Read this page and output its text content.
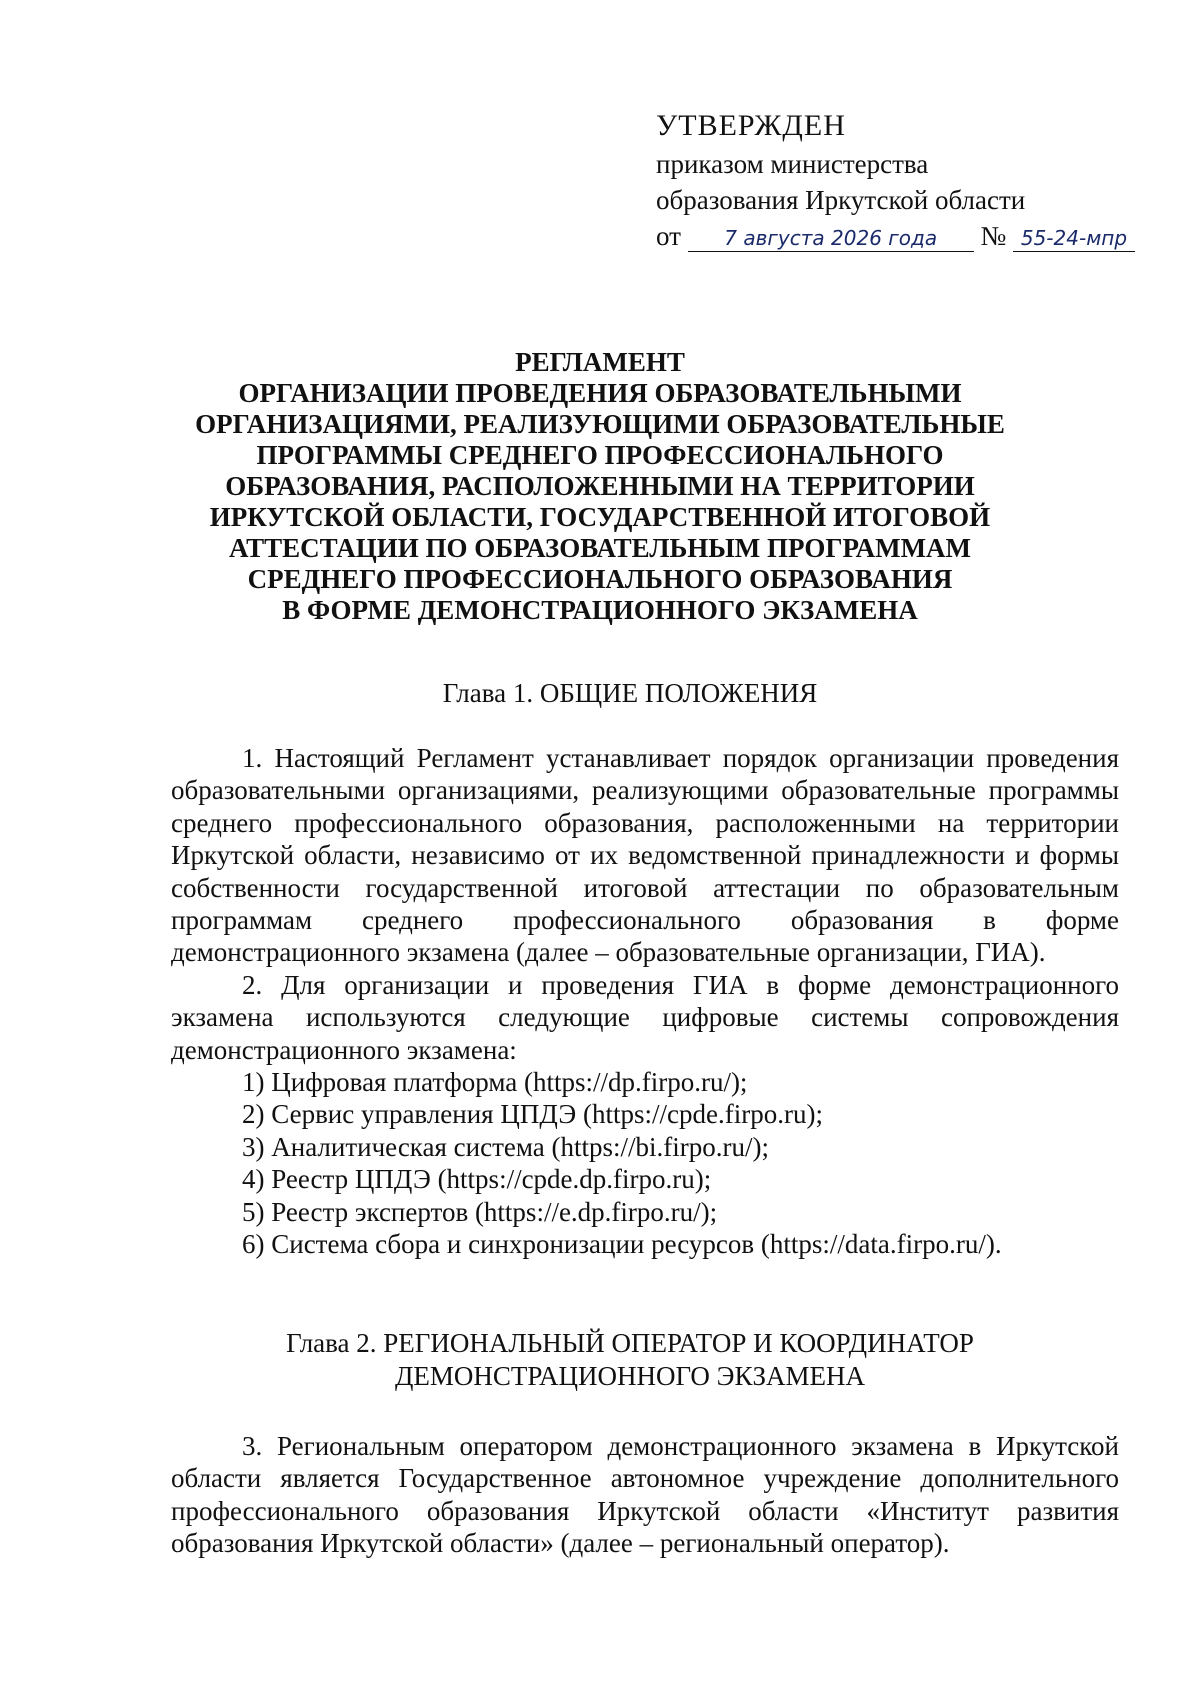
УТВЕРЖДЕН
приказом министерства
образования Иркутской области
от 7 августа 2026 года № 55-24-мпр
РЕГЛАМЕНТ
ОРГАНИЗАЦИИ ПРОВЕДЕНИЯ ОБРАЗОВАТЕЛЬНЫМИ
ОРГАНИЗАЦИЯМИ, РЕАЛИЗУЮЩИМИ ОБРАЗОВАТЕЛЬНЫЕ
ПРОГРАММЫ СРЕДНЕГО ПРОФЕССИОНАЛЬНОГО
ОБРАЗОВАНИЯ, РАСПОЛОЖЕННЫМИ НА ТЕРРИТОРИИ
ИРКУТСКОЙ ОБЛАСТИ, ГОСУДАРСТВЕННОЙ ИТОГОВОЙ
АТТЕСТАЦИИ ПО ОБРАЗОВАТЕЛЬНЫМ ПРОГРАММАМ
СРЕДНЕГО ПРОФЕССИОНАЛЬНОГО ОБРАЗОВАНИЯ
В ФОРМЕ ДЕМОНСТРАЦИОННОГО ЭКЗАМЕНА
Глава 1. ОБЩИЕ ПОЛОЖЕНИЯ

1. Настоящий Регламент устанавливает порядок организации проведения образовательными организациями, реализующими образовательные программы среднего профессионального образования, расположенными на территории Иркутской области, независимо от их ведомственной принадлежности и формы собственности государственной итоговой аттестации по образовательным программам среднего профессионального образования в форме демонстрационного экзамена (далее – образовательные организации, ГИА).

2. Для организации и проведения ГИА в форме демонстрационного экзамена используются следующие цифровые системы сопровождения демонстрационного экзамена:

1) Цифровая платформа (https://dp.firpo.ru/);
2) Сервис управления ЦПДЭ (https://cpde.firpo.ru);
3) Аналитическая система (https://bi.firpo.ru/);
4) Реестр ЦПДЭ (https://cpde.dp.firpo.ru);
5) Реестр экспертов (https://e.dp.firpo.ru/);
6) Система сбора и синхронизации ресурсов (https://data.firpo.ru/).
Глава 2. РЕГИОНАЛЬНЫЙ ОПЕРАТОР И КООРДИНАТОР
ДЕМОНСТРАЦИОННОГО ЭКЗАМЕНА

3. Региональным оператором демонстрационного экзамена в Иркутской области является Государственное автономное учреждение дополнительного профессионального образования Иркутской области «Институт развития образования Иркутской области» (далее – региональный оператор).
